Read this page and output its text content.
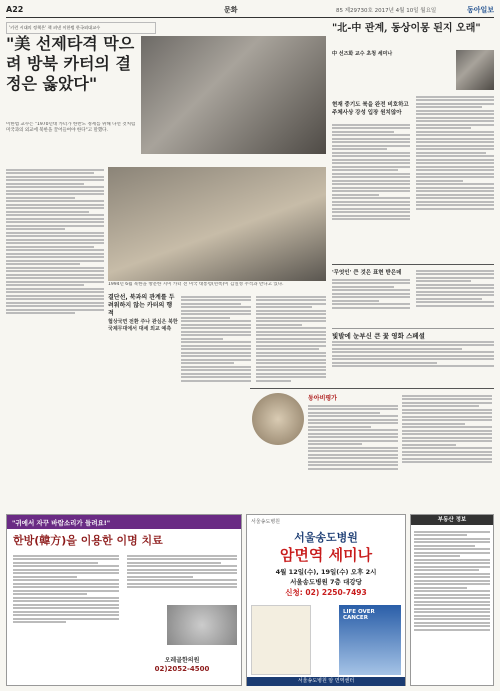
A22	문화	85 제29730호 2017년 4월 10일 월요일	동아일보
'키런 시대의 정책은' 책 펴낸 이한범 한국외대교수
"美 선제타격 막으려 방북 카터의 결정은 옳았다"
이한범 교수는 "1970년대 카터가 한반도 정세를 위해 나선 것처럼 미국과의 외교에 북한을 끌어들여야 한다"고 말했다.
1994년 6월 북한을 방문한 지미 카터 전 미국 대통령(왼쪽)이 김일성 주석과 만나고 있다.
결단선, 북과의 관계를 두려워하지 않는 카터의 행적
협상국면 전환 주나 관심은 북한 국제무대에서 대세 외교 예측
"北-中 관계, 동상이몽 된지 오래"
中 선즈화 교수 초청 세미나
현재 중기도 북을 완전 비호하고 주체사상 강성 입장 원치않아
'무엇인' 큰 것은 표현 받은데
빛발에 눈부신 큰 꽃 영화 스페셜
동아비평가
"귀에서 자꾸 바람소리가 들려요!"
한방(韓方)을 이용한 이명 치료
오레골한의원
02)2052-4500
서울송도병원
서울송도병원
암면역 세미나
4월 12일(수), 19일(수) 오후 2시
서울송도병원 7층 대강당
신청: 02) 2250-7493
LIFE OVER CANCER
서울송도병원 암 면역센터
부동산 정보
